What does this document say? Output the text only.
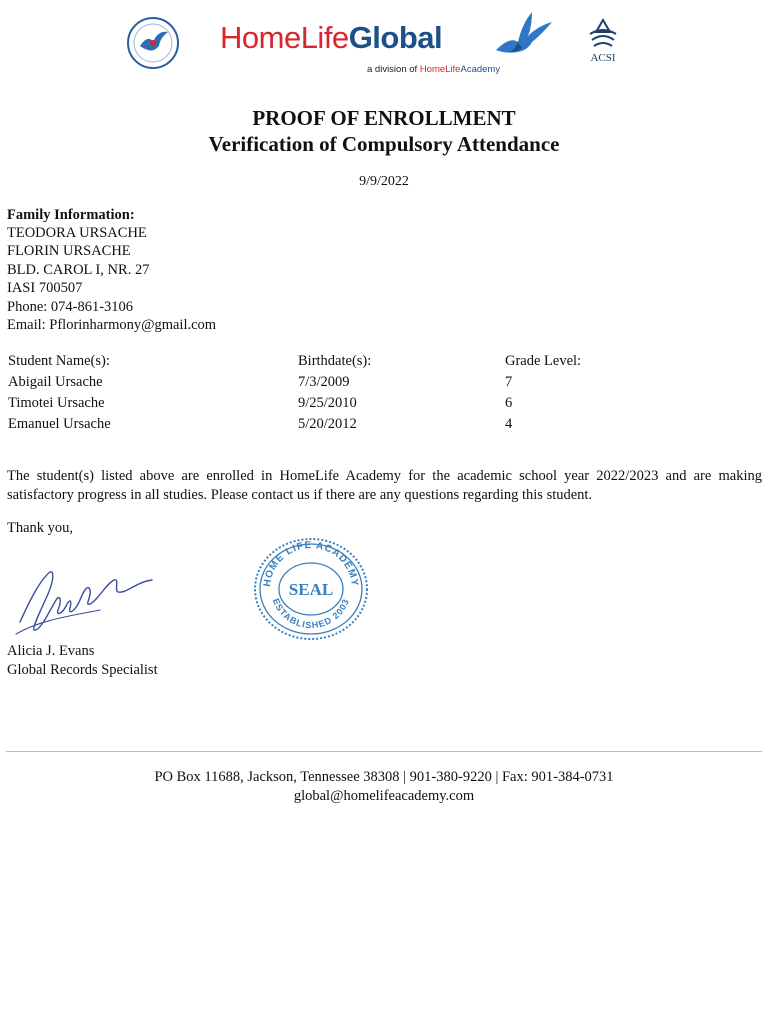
HomeLifeGlobal
a division of HomeLifeAcademy
ACSI
PROOF OF ENROLLMENT
Verification of Compulsory Attendance
9/9/2022
Family Information:
TEODORA URSACHE
FLORIN URSACHE
BLD. CAROL I, NR. 27
IASI 700507
Phone: 074-861-3106
Email: Pflorinharmony@gmail.com
Student Name(s):	Birthdate(s):	Grade Level:
Abigail Ursache	7/3/2009	7
Timotei Ursache	9/25/2010	6
Emanuel Ursache	5/20/2012	4
The student(s) listed above are enrolled in HomeLife Academy for the academic school year 2022/2023 and are making satisfactory progress in all studies. Please contact us if there are any questions regarding this student.
Thank you,
HOME LIFE ACADEMY
SEAL
ESTABLISHED 2003
Alicia J. Evans
Global Records Specialist
PO Box 11688, Jackson, Tennessee 38308 | 901-380-9220 | Fax: 901-384-0731
global@homelifeacademy.com
